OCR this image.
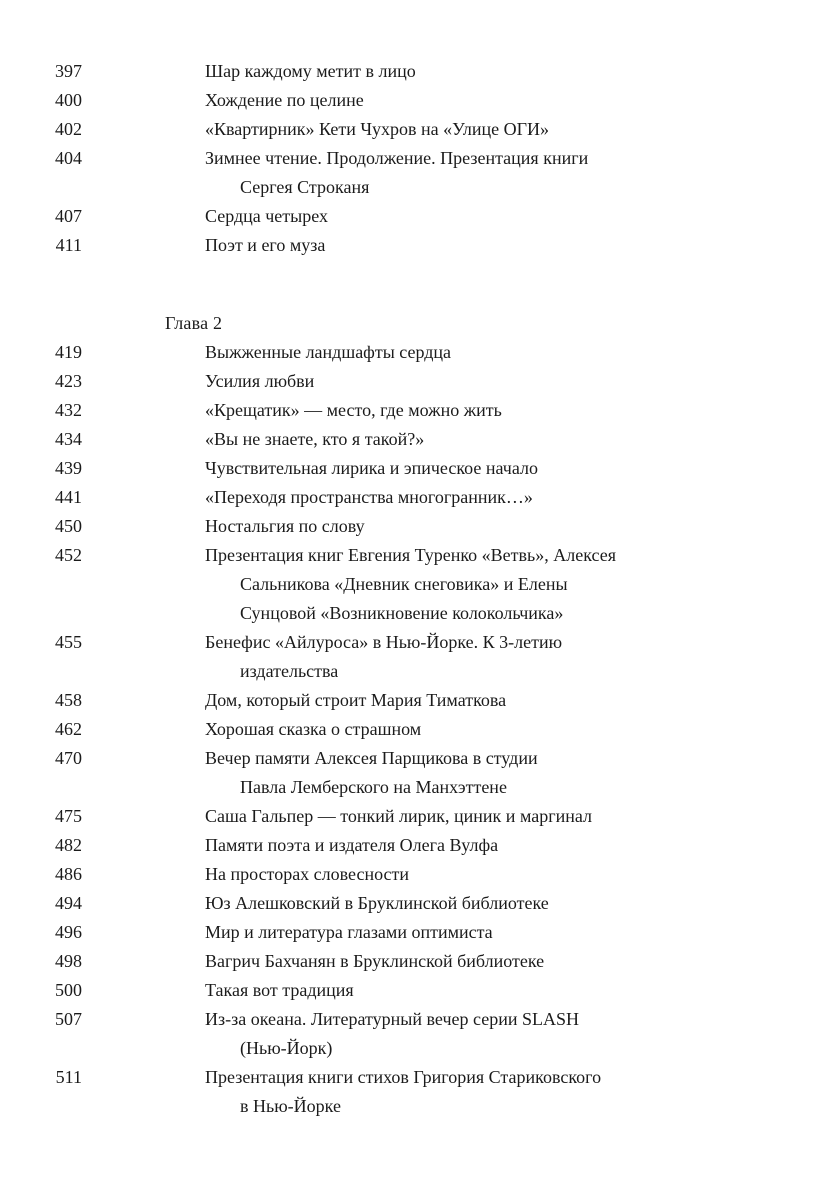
397	Шар каждому метит в лицо
400	Хождение по целине
402	«Квартирник» Кети Чухров на «Улице ОГИ»
404	Зимнее чтение. Продолжение. Презентация книги
Сергея Строканя
407	Сердца четырех
411	Поэт и его муза
Глава 2
419	Выжженные ландшафты сердца
423	Усилия любви
432	«Крещатик» — место, где можно жить
434	«Вы не знаете, кто я такой?»
439	Чувствительная лирика и эпическое начало
441	«Переходя пространства многогранник…»
450	Ностальгия по слову
452	Презентация книг Евгения Туренко «Ветвь», Алексея
Сальникова «Дневник снеговика» и Елены
Сунцовой «Возникновение колокольчика»
455	Бенефис «Айлуроса» в Нью-Йорке. К 3-летию
издательства
458	Дом, который строит Мария Тиматкова
462	Хорошая сказка о страшном
470	Вечер памяти Алексея Парщикова в студии
Павла Лемберского на Манхэттене
475	Саша Гальпер — тонкий лирик, циник и маргинал
482	Памяти поэта и издателя Олега Вулфа
486	На просторах словесности
494	Юз Алешковский в Бруклинской библиотеке
496	Мир и литература глазами оптимиста
498	Вагрич Бахчанян в Бруклинской библиотеке
500	Такая вот традиция
507	Из-за океана. Литературный вечер серии SLASH
(Нью-Йорк)
511	Презентация книги стихов Григория Стариковского
в Нью-Йорке
